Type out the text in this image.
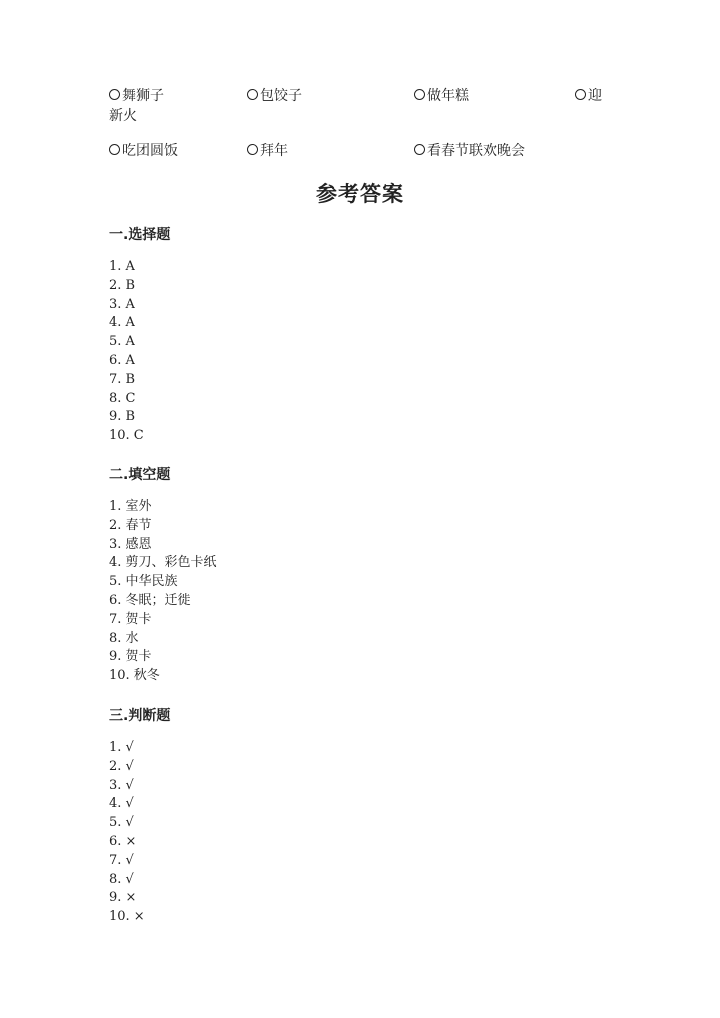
舞狮子	包饺子	做年糕	迎
新火
吃团圆饭	拜年	看春节联欢晚会
参考答案
一.选择题
1. A
2. B
3. A
4. A
5. A
6. A
7. B
8. C
9. B
10. C
二.填空题
1. 室外
2. 春节
3. 感恩
4. 剪刀、彩色卡纸
5. 中华民族
6. 冬眠；迁徙
7. 贺卡
8. 水
9. 贺卡
10. 秋冬
三.判断题
1. √
2. √
3. √
4. √
5. √
6. ×
7. √
8. √
9. ×
10. ×
